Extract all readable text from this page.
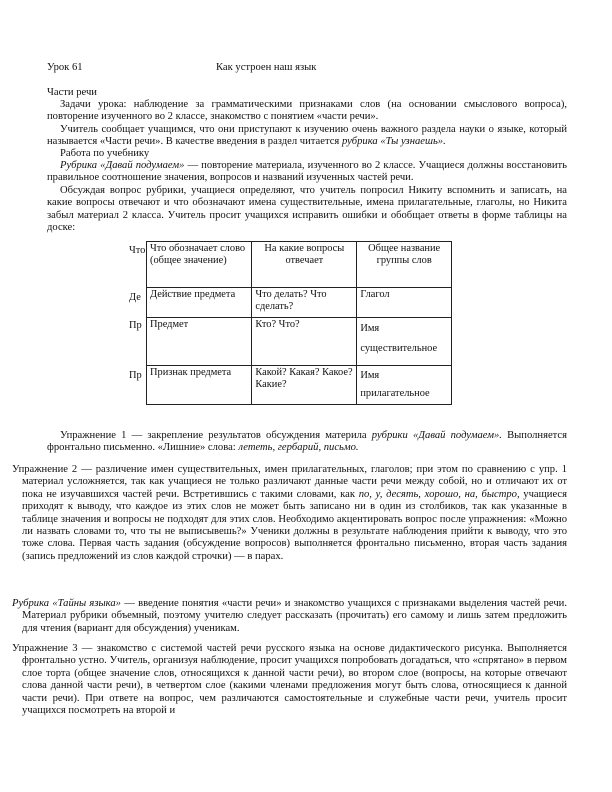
Урок 61	Как устроен наш язык
Части речи
Задачи урока: наблюдение за грамматическими признаками слов (на основании смыслового вопроса), повторение изученного во 2 классе, знакомство с понятием «части речи».
Учитель сообщает учащимся, что они приступают к изучению очень важного раздела науки о языке, который называется «Части речи». В качестве введения в раздел читается рубрика «Ты узнаешь».
Работа по учебнику
Рубрика «Давай подумаем» — повторение материала, изученного во 2 классе. Учащиеся должны восстановить правильное соотношение значения, вопросов и названий изученных частей речи.
Обсуждая вопрос рубрики, учащиеся определяют, что учитель попросил Никиту вспомнить и записать, на какие вопросы отвечают и что обозначают имена существительные, имена прилагательные, глаголы, но Никита забыл материал 2 класса. Учитель просит учащихся исправить ошибки и обобщает ответы в форме таблицы на доске:
Что обозначает слово (общее значение)	На какие вопросы отвечает	Общее название группы слов
Действие предмета	Что делать? Что сделать?	Глагол
Предмет	Кто? Что?	Имя существительное
Признак предмета	Какой? Какая? Какое? Какие?	Имя прилагательное
Что
Де
Пр
Пр
Упражнение 1 — закрепление результатов обсуждения материла рубрики «Давай подумаем». Выполняется фронтально письменно. «Лишние» слова: лететь, гербарий, письмо.
Упражнение 2 — различение имен существительных, имен прилагательных, глаголов; при этом по сравнению с упр. 1 материал усложняется, так как учащиеся не только различают данные части речи между собой, но и отличают их от пока не изучавшихся частей речи. Встретившись с такими словами, как по, у, десять, хорошо, на, быстро, учащиеся приходят к выводу, что каждое из этих слов не может быть записано ни в один из столбиков, так как указанные в таблице значения и вопросы не подходят для этих слов. Необходимо акцентировать вопрос после упражнения: «Можно ли назвать словами то, что ты не выписывешь?» Ученики должны в результате наблюдения прийти к выводу, что это тоже слова. Первая часть задания (обсуждение вопросов) выполняется фронтально письменно, вторая часть задания (запись предложений из слов каждой строчки) — в парах.
Рубрика «Тайны языка» — введение понятия «части речи» и знакомство учащихся с признаками выделения частей речи. Материал рубрики объемный, поэтому учителю следует рассказать (прочитать) его самому и лишь затем предложить для чтения (вариант для обсуждения) ученикам.
Упражнение 3 — знакомство с системой частей речи русского языка на основе дидактического рисунка. Выполняется фронтально устно. Учитель, организуя наблюдение, просит учащихся попробовать догадаться, что «спрятано» в первом слое торта (общее значение слов, относящихся к данной части речи), во втором слое (вопросы, на которые отвечают слова данной части речи), в четвертом слое (какими членами предложения могут быть слова, относящиеся к данной части речи). При ответе на вопрос, чем различаются самостоятельные и служебные части речи, учитель просит учащихся посмотреть на второй и
